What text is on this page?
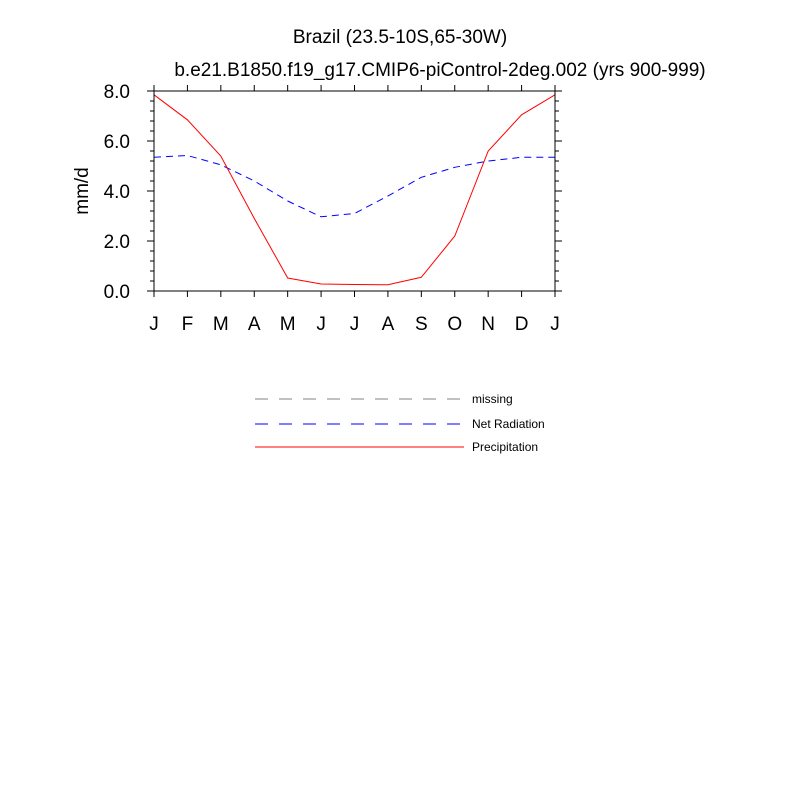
Brazil (23.5-10S,65-30W)
b.e21.B1850.f19_g17.CMIP6-piControl-2deg.002 (yrs 900-999)
mm/d
J F M A M J J A S O N D J
0.0
2.0
4.0
6.0
8.0
missing
Net Radiation
Precipitation
